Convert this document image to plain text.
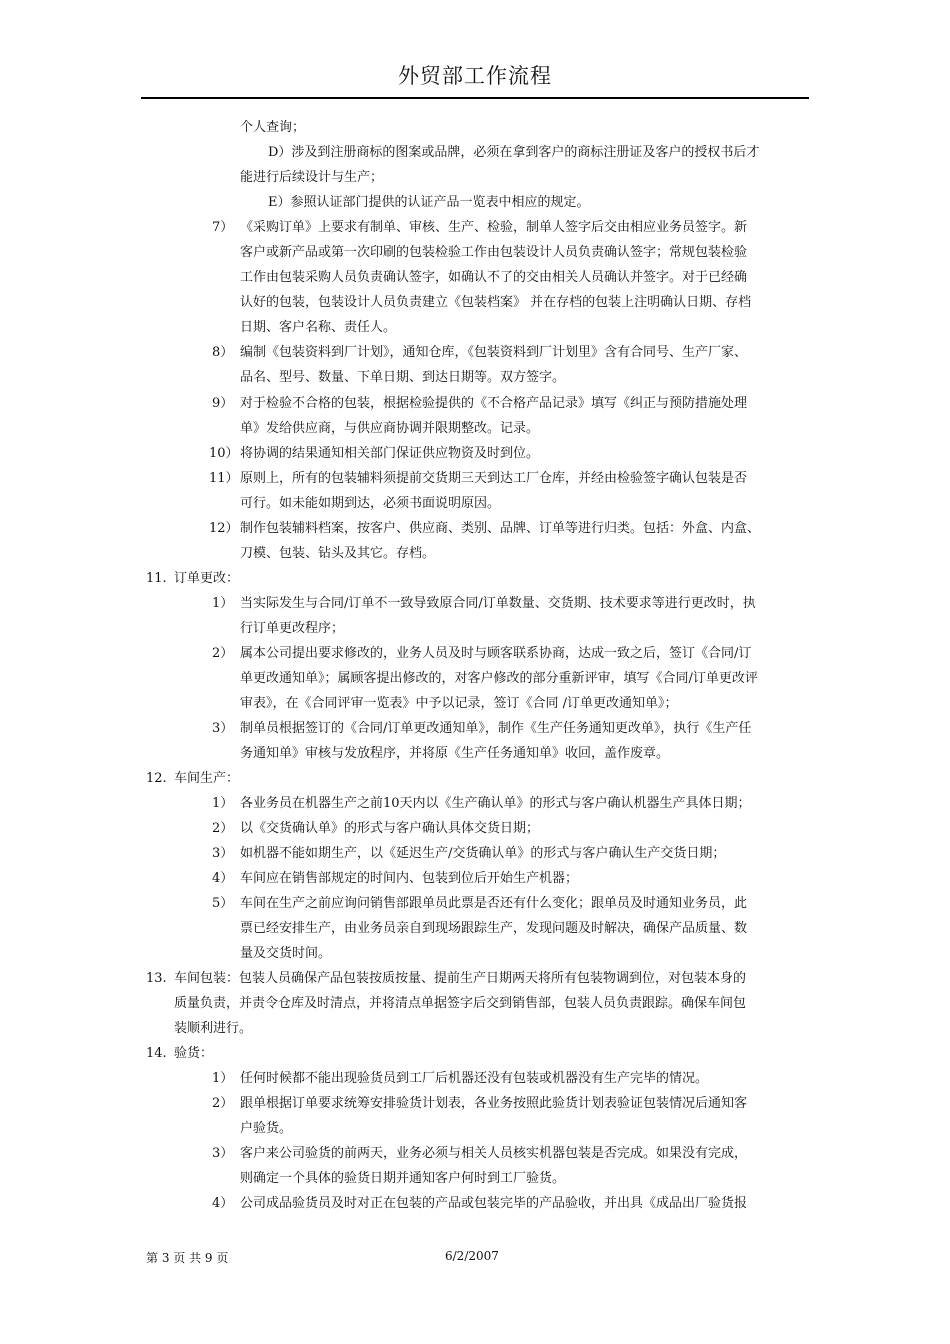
外贸部工作流程
个人查询；
D）涉及到注册商标的图案或品牌，必须在拿到客户的商标注册证及客户的授权书后才
能进行后续设计与生产；
E）参照认证部门提供的认证产品一览表中相应的规定。
7） 《采购订单》上要求有制单、审核、生产、检验，制单人签字后交由相应业务员签字。新
客户或新产品或第一次印刷的包装检验工作由包装设计人员负责确认签字；常规包装检验
工作由包装采购人员负责确认签字，如确认不了的交由相关人员确认并签字。对于已经确
认好的包装，包装设计人员负责建立《包装档案》 并在存档的包装上注明确认日期、存档
日期、客户名称、责任人。
8） 编制《包装资料到厂计划》，通知仓库，《包装资料到厂计划里》含有合同号、生产厂家、
品名、型号、数量、下单日期、到达日期等。双方签字。
9） 对于检验不合格的包装，根据检验提供的《不合格产品记录》填写《纠正与预防措施处理
单》发给供应商，与供应商协调并限期整改。记录。
10） 将协调的结果通知相关部门保证供应物资及时到位。
11） 原则上，所有的包装辅料须提前交货期三天到达工厂仓库，并经由检验签字确认包装是否
可行。如未能如期到达，必须书面说明原因。
12） 制作包装辅料档案，按客户、供应商、类别、品牌、订单等进行归类。包括：外盒、内盒、
刀模、包装、钻头及其它。存档。
11. 订单更改：
1） 当实际发生与合同/订单不一致导致原合同/订单数量、交货期、技术要求等进行更改时，执
行订单更改程序；
2） 属本公司提出要求修改的，业务人员及时与顾客联系协商，达成一致之后，签订《合同/订
单更改通知单》；属顾客提出修改的，对客户修改的部分重新评审，填写《合同/订单更改评
审表》，在《合同评审一览表》中予以记录，签订《合同 /订单更改通知单》；
3） 制单员根据签订的《合同/订单更改通知单》，制作《生产任务通知更改单》，执行《生产任
务通知单》审核与发放程序，并将原《生产任务通知单》收回，盖作废章。
12. 车间生产：
1） 各业务员在机器生产之前10天内以《生产确认单》的形式与客户确认机器生产具体日期；
2） 以《交货确认单》的形式与客户确认具体交货日期；
3） 如机器不能如期生产，以《延迟生产/交货确认单》的形式与客户确认生产交货日期；
4） 车间应在销售部规定的时间内、包装到位后开始生产机器；
5） 车间在生产之前应询问销售部跟单员此票是否还有什么变化；跟单员及时通知业务员，此
票已经安排生产，由业务员亲自到现场跟踪生产，发现问题及时解决，确保产品质量、数
量及交货时间。
13. 车间包装：包装人员确保产品包装按质按量、提前生产日期两天将所有包装物调到位，对包装本身的
质量负责，并责令仓库及时清点，并将清点单据签字后交到销售部，包装人员负责跟踪。确保车间包
装顺利进行。
14. 验货：
1） 任何时候都不能出现验货员到工厂后机器还没有包装或机器没有生产完毕的情况。
2） 跟单根据订单要求统筹安排验货计划表，各业务按照此验货计划表验证包装情况后通知客
户验货。
3） 客户来公司验货的前两天，业务必须与相关人员核实机器包装是否完成。如果没有完成，
则确定一个具体的验货日期并通知客户何时到工厂验货。
4） 公司成品验货员及时对正在包装的产品或包装完毕的产品验收，并出具《成品出厂验货报
第 3 页 共 9 页	6/2/2007
